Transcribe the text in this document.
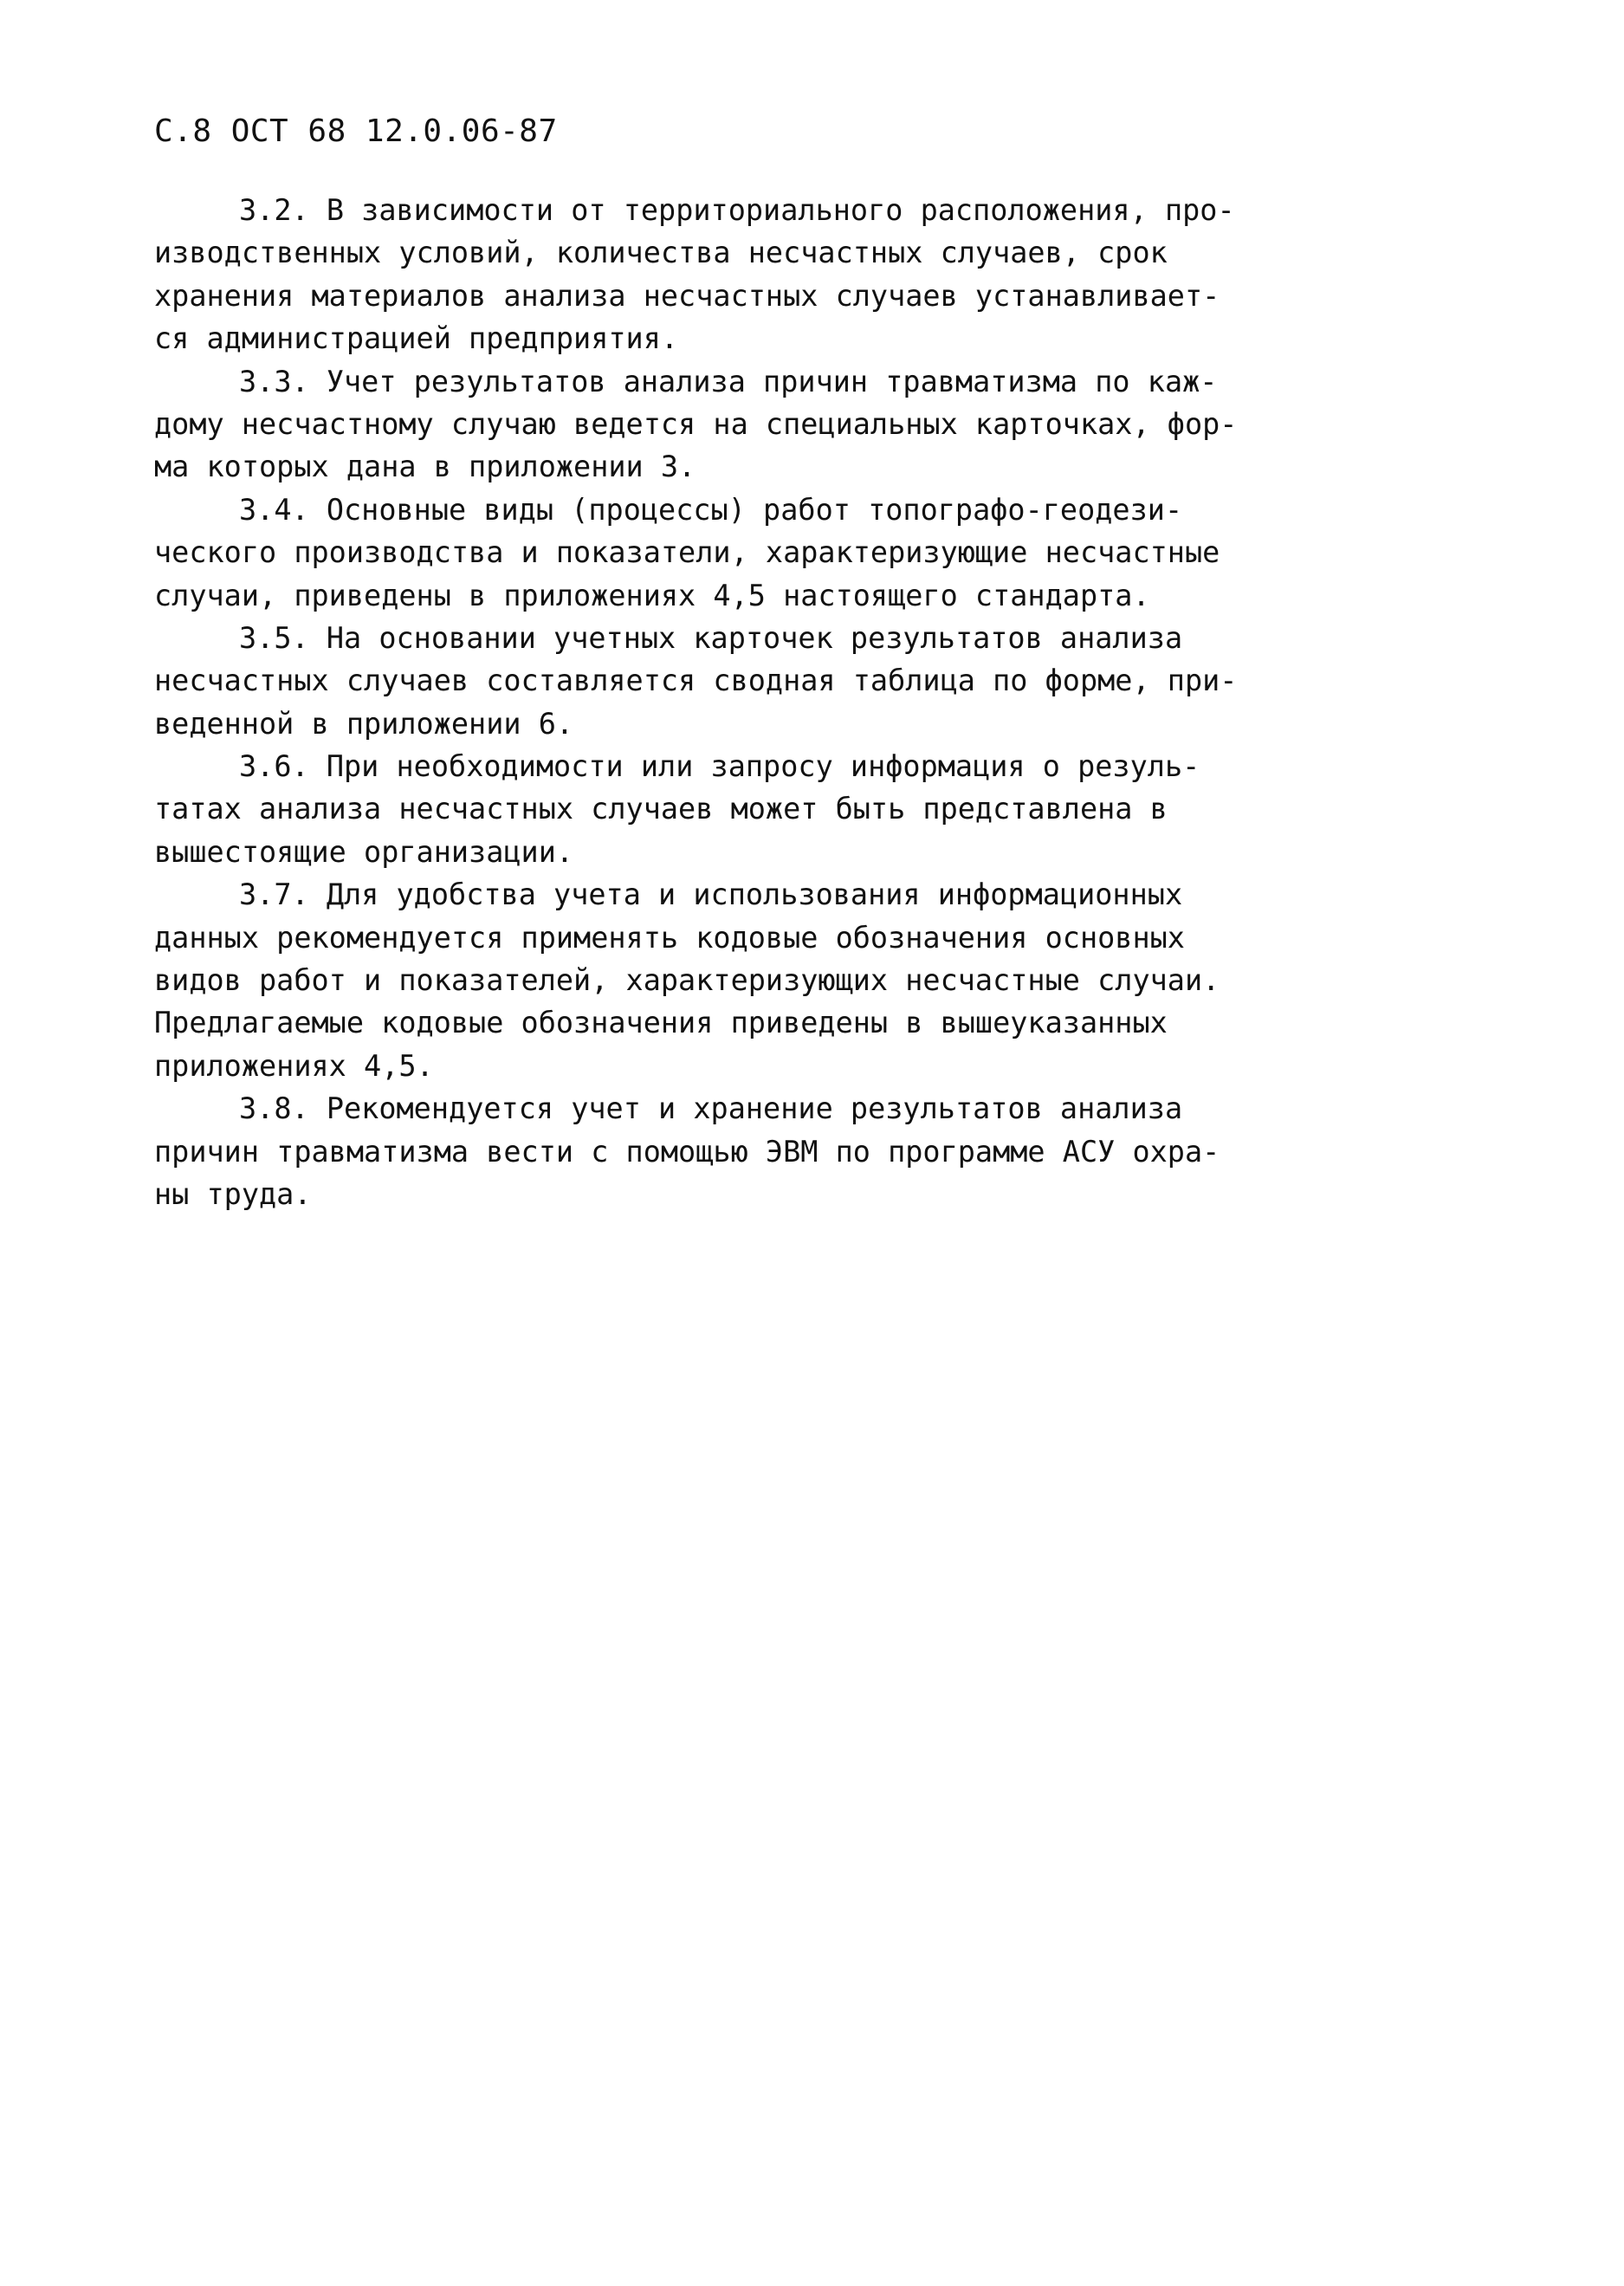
С.8 ОСТ 68 12.0.06-87
3.2. В зависимости от территориального расположения, про-
изводственных условий, количества несчастных случаев, срок
хранения материалов анализа несчастных случаев устанавливает-
ся администрацией предприятия.
3.3. Учет результатов анализа причин травматизма по каж-
дому несчастному случаю ведется на специальных карточках, фор-
ма которых дана в приложении 3.
3.4. Основные виды (процессы) работ топографо-геодези-
ческого производства и показатели, характеризующие несчастные
случаи, приведены в приложениях 4,5 настоящего стандарта.
3.5. На основании учетных карточек результатов анализа
несчастных случаев составляется сводная таблица по форме, при-
веденной в приложении 6.
3.6. При необходимости или запросу информация о резуль-
татах анализа несчастных случаев может быть представлена в
вышестоящие организации.
3.7. Для удобства учета и использования информационных
данных рекомендуется применять кодовые обозначения основных
видов работ и показателей, характеризующих несчастные случаи.
Предлагаемые кодовые обозначения приведены в вышеуказанных
приложениях 4,5.
3.8. Рекомендуется учет и хранение результатов анализа
причин травматизма вести с помощью ЭВМ по программе АСУ охра-
ны труда.
